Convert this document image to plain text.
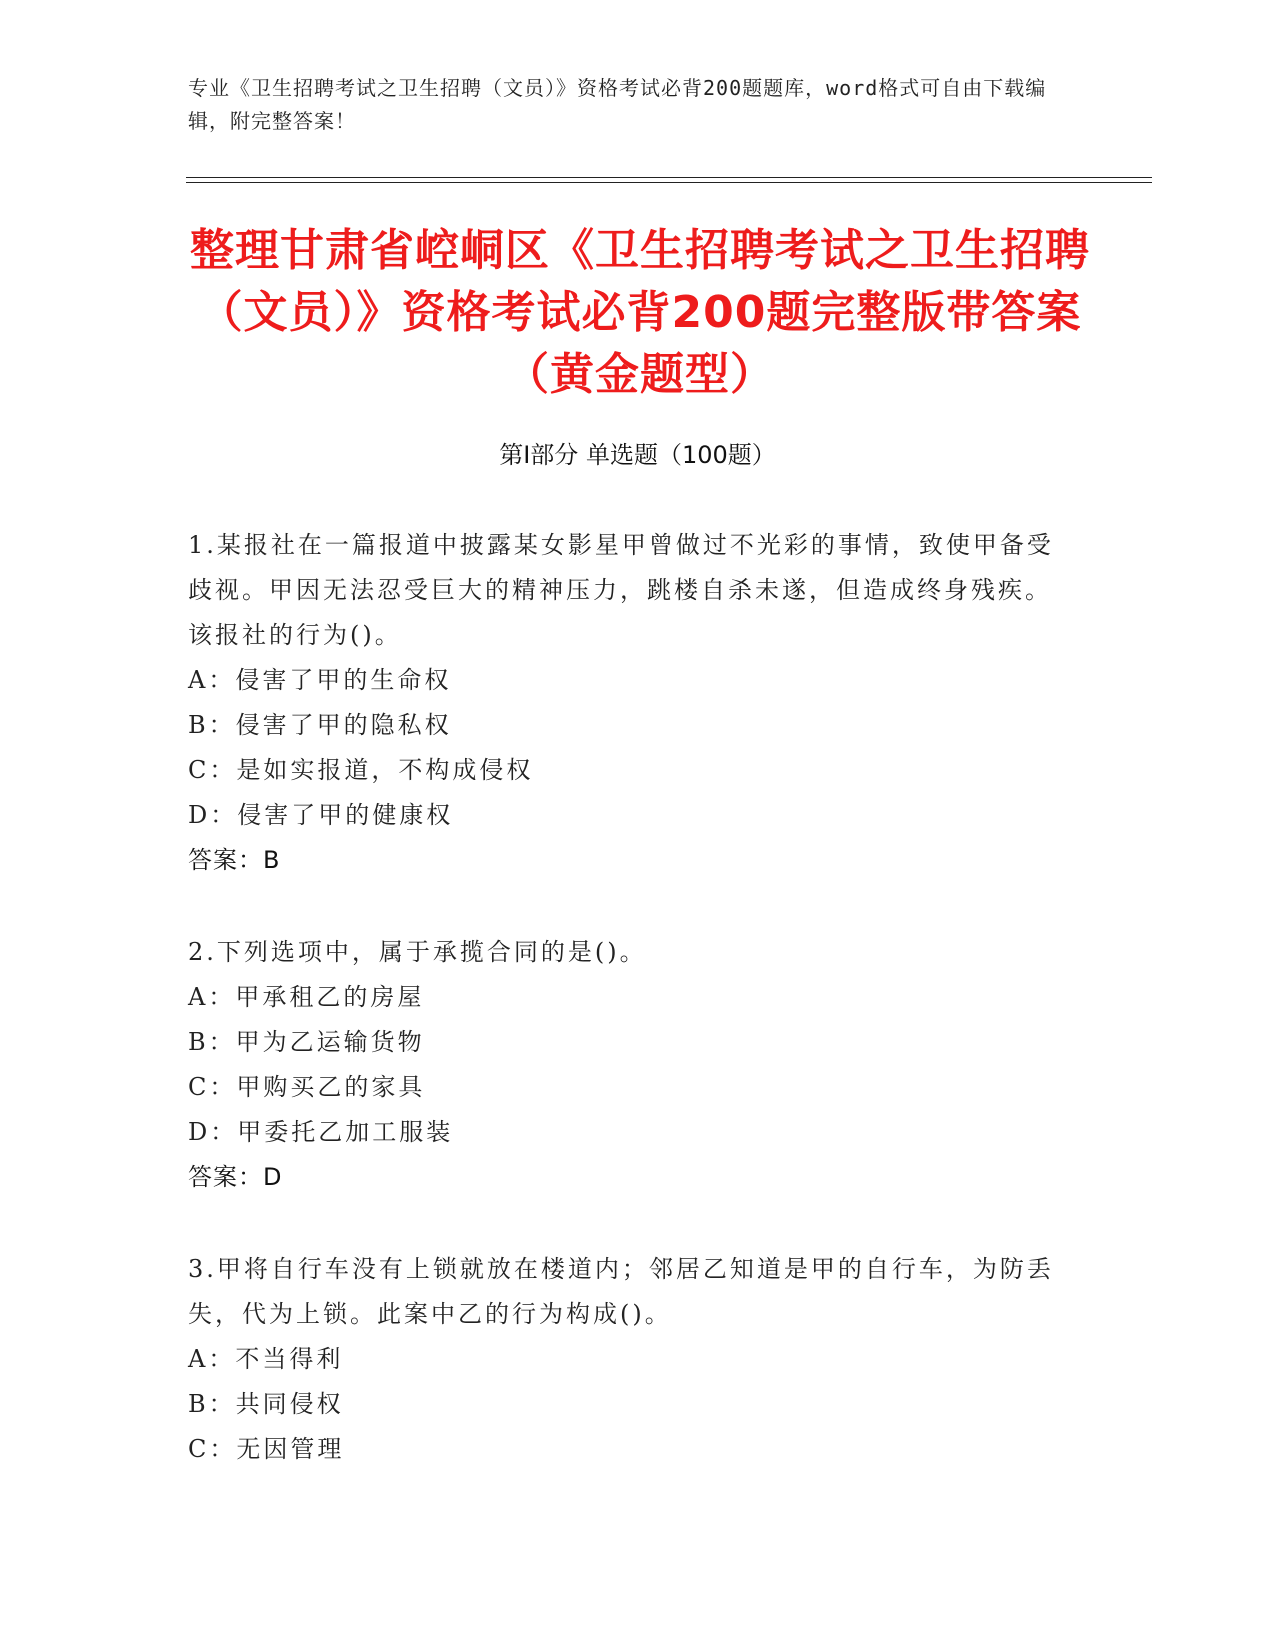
专业《卫生招聘考试之卫生招聘（文员）》资格考试必背200题题库，word格式可自由下载编辑，附完整答案！
整理甘肃省崆峒区《卫生招聘考试之卫生招聘（文员）》资格考试必背200题完整版带答案（黄金题型）
第I部分 单选题（100题）
1.某报社在一篇报道中披露某女影星甲曾做过不光彩的事情，致使甲备受歧视。甲因无法忍受巨大的精神压力，跳楼自杀未遂，但造成终身残疾。该报社的行为()。
A：侵害了甲的生命权
B：侵害了甲的隐私权
C：是如实报道，不构成侵权
D：侵害了甲的健康权
答案：B
2.下列选项中，属于承揽合同的是()。
A：甲承租乙的房屋
B：甲为乙运输货物
C：甲购买乙的家具
D：甲委托乙加工服装
答案：D
3.甲将自行车没有上锁就放在楼道内；邻居乙知道是甲的自行车，为防丢失，代为上锁。此案中乙的行为构成()。
A：不当得利
B：共同侵权
C：无因管理
